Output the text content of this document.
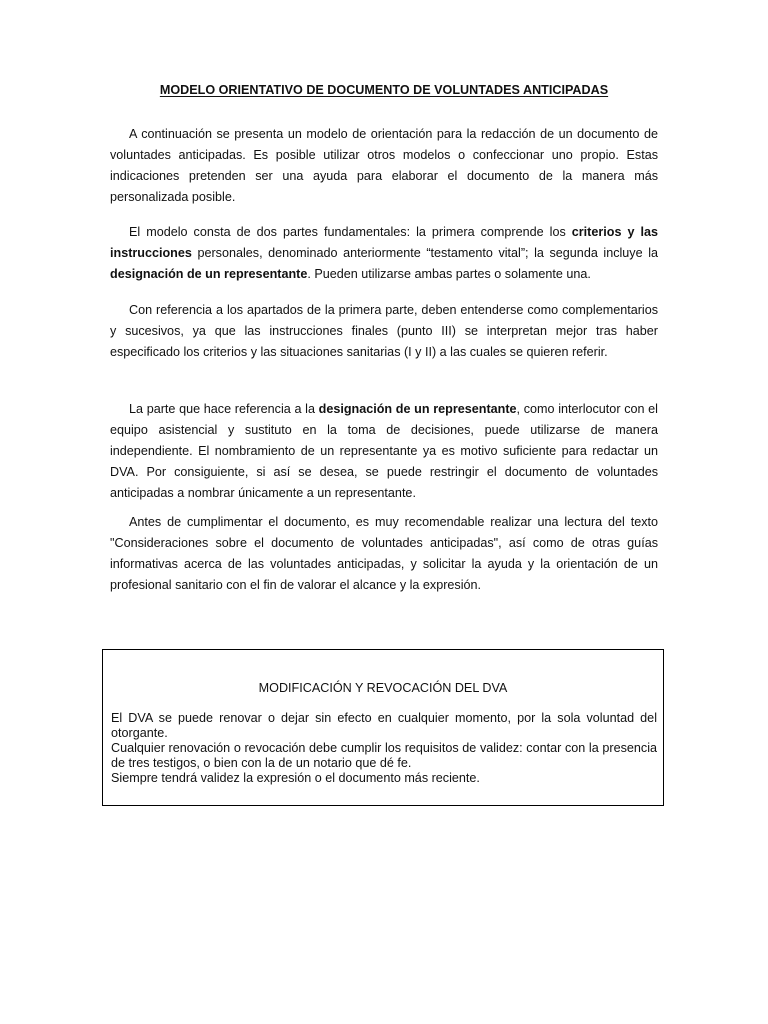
MODELO ORIENTATIVO DE DOCUMENTO DE VOLUNTADES ANTICIPADAS

A continuación se presenta un modelo de orientación para la redacción de un documento de voluntades anticipadas. Es posible utilizar otros modelos o confeccionar uno propio. Estas indicaciones pretenden ser una ayuda para elaborar el documento de la manera más personalizada posible.

El modelo consta de dos partes fundamentales: la primera comprende los criterios y las instrucciones personales, denominado anteriormente “testamento vital”; la segunda incluye la designación de un representante. Pueden utilizarse ambas partes o solamente una.

Con referencia a los apartados de la primera parte, deben entenderse como complementarios y sucesivos, ya que las instrucciones finales (punto III) se interpretan mejor tras haber especificado los criterios y las situaciones sanitarias (I y II) a las cuales se quieren referir.

La parte que hace referencia a la designación de un representante, como interlocutor con el equipo asistencial y sustituto en la toma de decisiones, puede utilizarse de manera independiente. El nombramiento de un representante ya es motivo suficiente para redactar un DVA. Por consiguiente, si así se desea, se puede restringir el documento de voluntades anticipadas a nombrar únicamente a un representante.

Antes de cumplimentar el documento, es muy recomendable realizar una lectura del texto "Consideraciones sobre el documento de voluntades anticipadas", así como de otras guías informativas acerca de las voluntades anticipadas, y solicitar la ayuda y la orientación de un profesional sanitario con el fin de valorar el alcance y la expresión.

MODIFICACIÓN Y REVOCACIÓN DEL DVA

El DVA se puede renovar o dejar sin efecto en cualquier momento, por la sola voluntad del otorgante.

Cualquier renovación o revocación debe cumplir los requisitos de validez: contar con la presencia de tres testigos, o bien con la de un notario que dé fe.

Siempre tendrá validez la expresión o el documento más reciente.
